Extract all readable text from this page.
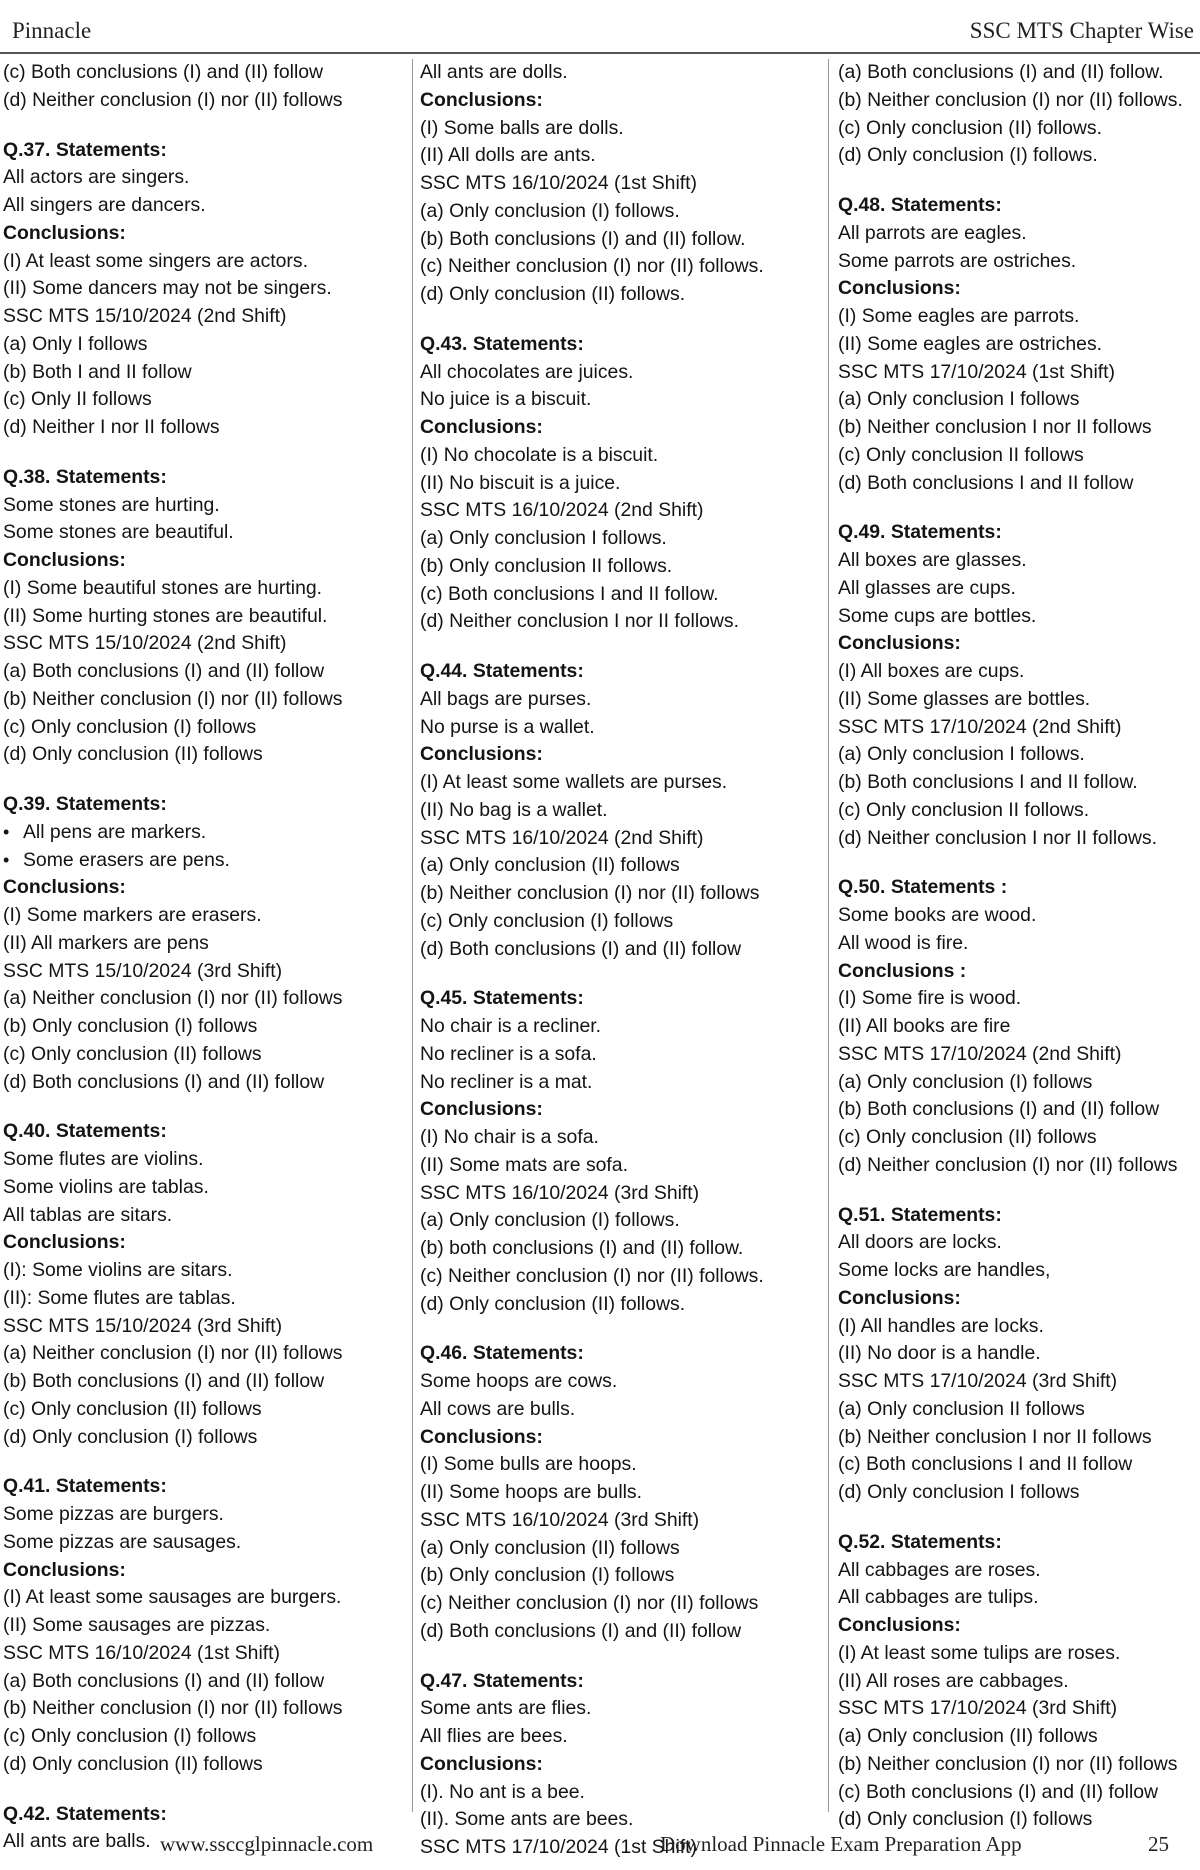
Pinnacle	SSC MTS Chapter Wise
(c) Both conclusions (I) and (II) follow
(d) Neither conclusion (I) nor (II) follows
Q.37. Statements:
All actors are singers.
All singers are dancers.
Conclusions:
(I) At least some singers are actors.
(II) Some dancers may not be singers.
SSC MTS 15/10/2024 (2nd Shift)
(a) Only I follows
(b) Both I and II follow
(c) Only II follows
(d) Neither I nor II follows
Q.38. Statements:
Some stones are hurting.
Some stones are beautiful.
Conclusions:
(I) Some beautiful stones are hurting.
(II) Some hurting stones are beautiful.
SSC MTS 15/10/2024 (2nd Shift)
(a) Both conclusions (I) and (II) follow
(b) Neither conclusion (I) nor (II) follows
(c) Only conclusion (I) follows
(d) Only conclusion (II) follows
Q.39. Statements:
• All pens are markers.
• Some erasers are pens.
Conclusions:
(I) Some markers are erasers.
(II) All markers are pens
SSC MTS 15/10/2024 (3rd Shift)
(a) Neither conclusion (I) nor (II) follows
(b) Only conclusion (I) follows
(c) Only conclusion (II) follows
(d) Both conclusions (I) and (II) follow
Q.40. Statements:
Some flutes are violins.
Some violins are tablas.
All tablas are sitars.
Conclusions:
(I): Some violins are sitars.
(II): Some flutes are tablas.
SSC MTS 15/10/2024 (3rd Shift)
(a) Neither conclusion (I) nor (II) follows
(b) Both conclusions (I) and (II) follow
(c) Only conclusion (II) follows
(d) Only conclusion (I) follows
Q.41. Statements:
Some pizzas are burgers.
Some pizzas are sausages.
Conclusions:
(I) At least some sausages are burgers.
(II) Some sausages are pizzas.
SSC MTS 16/10/2024 (1st Shift)
(a) Both conclusions (I) and (II) follow
(b) Neither conclusion (I) nor (II) follows
(c) Only conclusion (I) follows
(d) Only conclusion (II) follows
Q.42. Statements:
All ants are balls.
All ants are dolls.
Conclusions:
(I) Some balls are dolls.
(II) All dolls are ants.
SSC MTS 16/10/2024 (1st Shift)
(a) Only conclusion (I) follows.
(b) Both conclusions (I) and (II) follow.
(c) Neither conclusion (I) nor (II) follows.
(d) Only conclusion (II) follows.
Q.43. Statements:
All chocolates are juices.
No juice is a biscuit.
Conclusions:
(I) No chocolate is a biscuit.
(II) No biscuit is a juice.
SSC MTS 16/10/2024 (2nd Shift)
(a) Only conclusion I follows.
(b) Only conclusion II follows.
(c) Both conclusions I and II follow.
(d) Neither conclusion I nor II follows.
Q.44. Statements:
All bags are purses.
No purse is a wallet.
Conclusions:
(I) At least some wallets are purses.
(II) No bag is a wallet.
SSC MTS 16/10/2024 (2nd Shift)
(a) Only conclusion (II) follows
(b) Neither conclusion (I) nor (II) follows
(c) Only conclusion (I) follows
(d) Both conclusions (I) and (II) follow
Q.45. Statements:
No chair is a recliner.
No recliner is a sofa.
No recliner is a mat.
Conclusions:
(I) No chair is a sofa.
(II) Some mats are sofa.
SSC MTS 16/10/2024 (3rd Shift)
(a) Only conclusion (I) follows.
(b) both conclusions (I) and (II) follow.
(c) Neither conclusion (I) nor (II) follows.
(d) Only conclusion (II) follows.
Q.46. Statements:
Some hoops are cows.
All cows are bulls.
Conclusions:
(I) Some bulls are hoops.
(II) Some hoops are bulls.
SSC MTS 16/10/2024 (3rd Shift)
(a) Only conclusion (II) follows
(b) Only conclusion (I) follows
(c) Neither conclusion (I) nor (II) follows
(d) Both conclusions (I) and (II) follow
Q.47. Statements:
Some ants are flies.
All flies are bees.
Conclusions:
(I). No ant is a bee.
(II). Some ants are bees.
SSC MTS 17/10/2024 (1st Shift)
(a) Both conclusions (I) and (II) follow.
(b) Neither conclusion (I) nor (II) follows.
(c) Only conclusion (II) follows.
(d) Only conclusion (I) follows.
Q.48. Statements:
All parrots are eagles.
Some parrots are ostriches.
Conclusions:
(I) Some eagles are parrots.
(II) Some eagles are ostriches.
SSC MTS 17/10/2024 (1st Shift)
(a) Only conclusion I follows
(b) Neither conclusion I nor II follows
(c) Only conclusion II follows
(d) Both conclusions I and II follow
Q.49. Statements:
All boxes are glasses.
All glasses are cups.
Some cups are bottles.
Conclusions:
(I) All boxes are cups.
(II) Some glasses are bottles.
SSC MTS 17/10/2024 (2nd Shift)
(a) Only conclusion I follows.
(b) Both conclusions I and II follow.
(c) Only conclusion II follows.
(d) Neither conclusion I nor II follows.
Q.50. Statements :
Some books are wood.
All wood is fire.
Conclusions :
(I) Some fire is wood.
(II) All books are fire
SSC MTS 17/10/2024 (2nd Shift)
(a) Only conclusion (I) follows
(b) Both conclusions (I) and (II) follow
(c) Only conclusion (II) follows
(d) Neither conclusion (I) nor (II) follows
Q.51. Statements:
All doors are locks.
Some locks are handles,
Conclusions:
(I) All handles are locks.
(II) No door is a handle.
SSC MTS 17/10/2024 (3rd Shift)
(a) Only conclusion II follows
(b) Neither conclusion I nor II follows
(c) Both conclusions I and II follow
(d) Only conclusion I follows
Q.52. Statements:
All cabbages are roses.
All cabbages are tulips.
Conclusions:
(I) At least some tulips are roses.
(II) All roses are cabbages.
SSC MTS 17/10/2024 (3rd Shift)
(a) Only conclusion (II) follows
(b) Neither conclusion (I) nor (II) follows
(c) Both conclusions (I) and (II) follow
(d) Only conclusion (I) follows
www.ssccglpinnacle.com	Download Pinnacle Exam Preparation App	25
